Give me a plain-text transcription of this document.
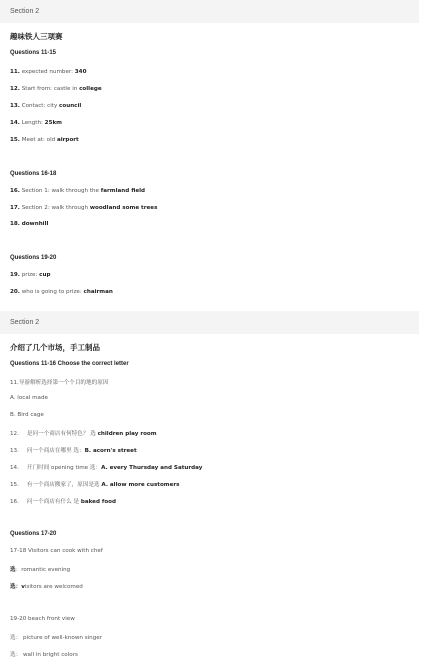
Section 2
趣味铁人三项赛
Questions 11-15
11. expected number: 340
12. Start from: castle in college
13. Contact: city council
14. Length: 25km
15. Meet at: old airport
Questions 16-18
16. Section 1: walk through the farmland field
17. Section 2: walk through woodland some trees
18. downhill
Questions 19-20
19. prize: cup
20. who is going to prize: chairman
Section 2
介绍了几个市场，手工制品
Questions 11-16 Choose the correct letter
11.导游解析选择第一个个目的地的原因
A. local made
B. Bird cage
12. 是问一个商店有何特色？ 选 children play room
13. 问一个商店在哪里 选：B. acorn's street
14. 开门时间 opening time 选：A. every Thursday and Saturday
15. 有一个商店搬家了，原因是选 A. allow more customers
16. 问一个商店有什么 是 baked food
Questions 17-20
17-18 Visitors can cook with chef
选：romantic evening
选：visitors are welcomed
19-20 beach front view
选： picture of well-known singer
选： wall in bright colors
